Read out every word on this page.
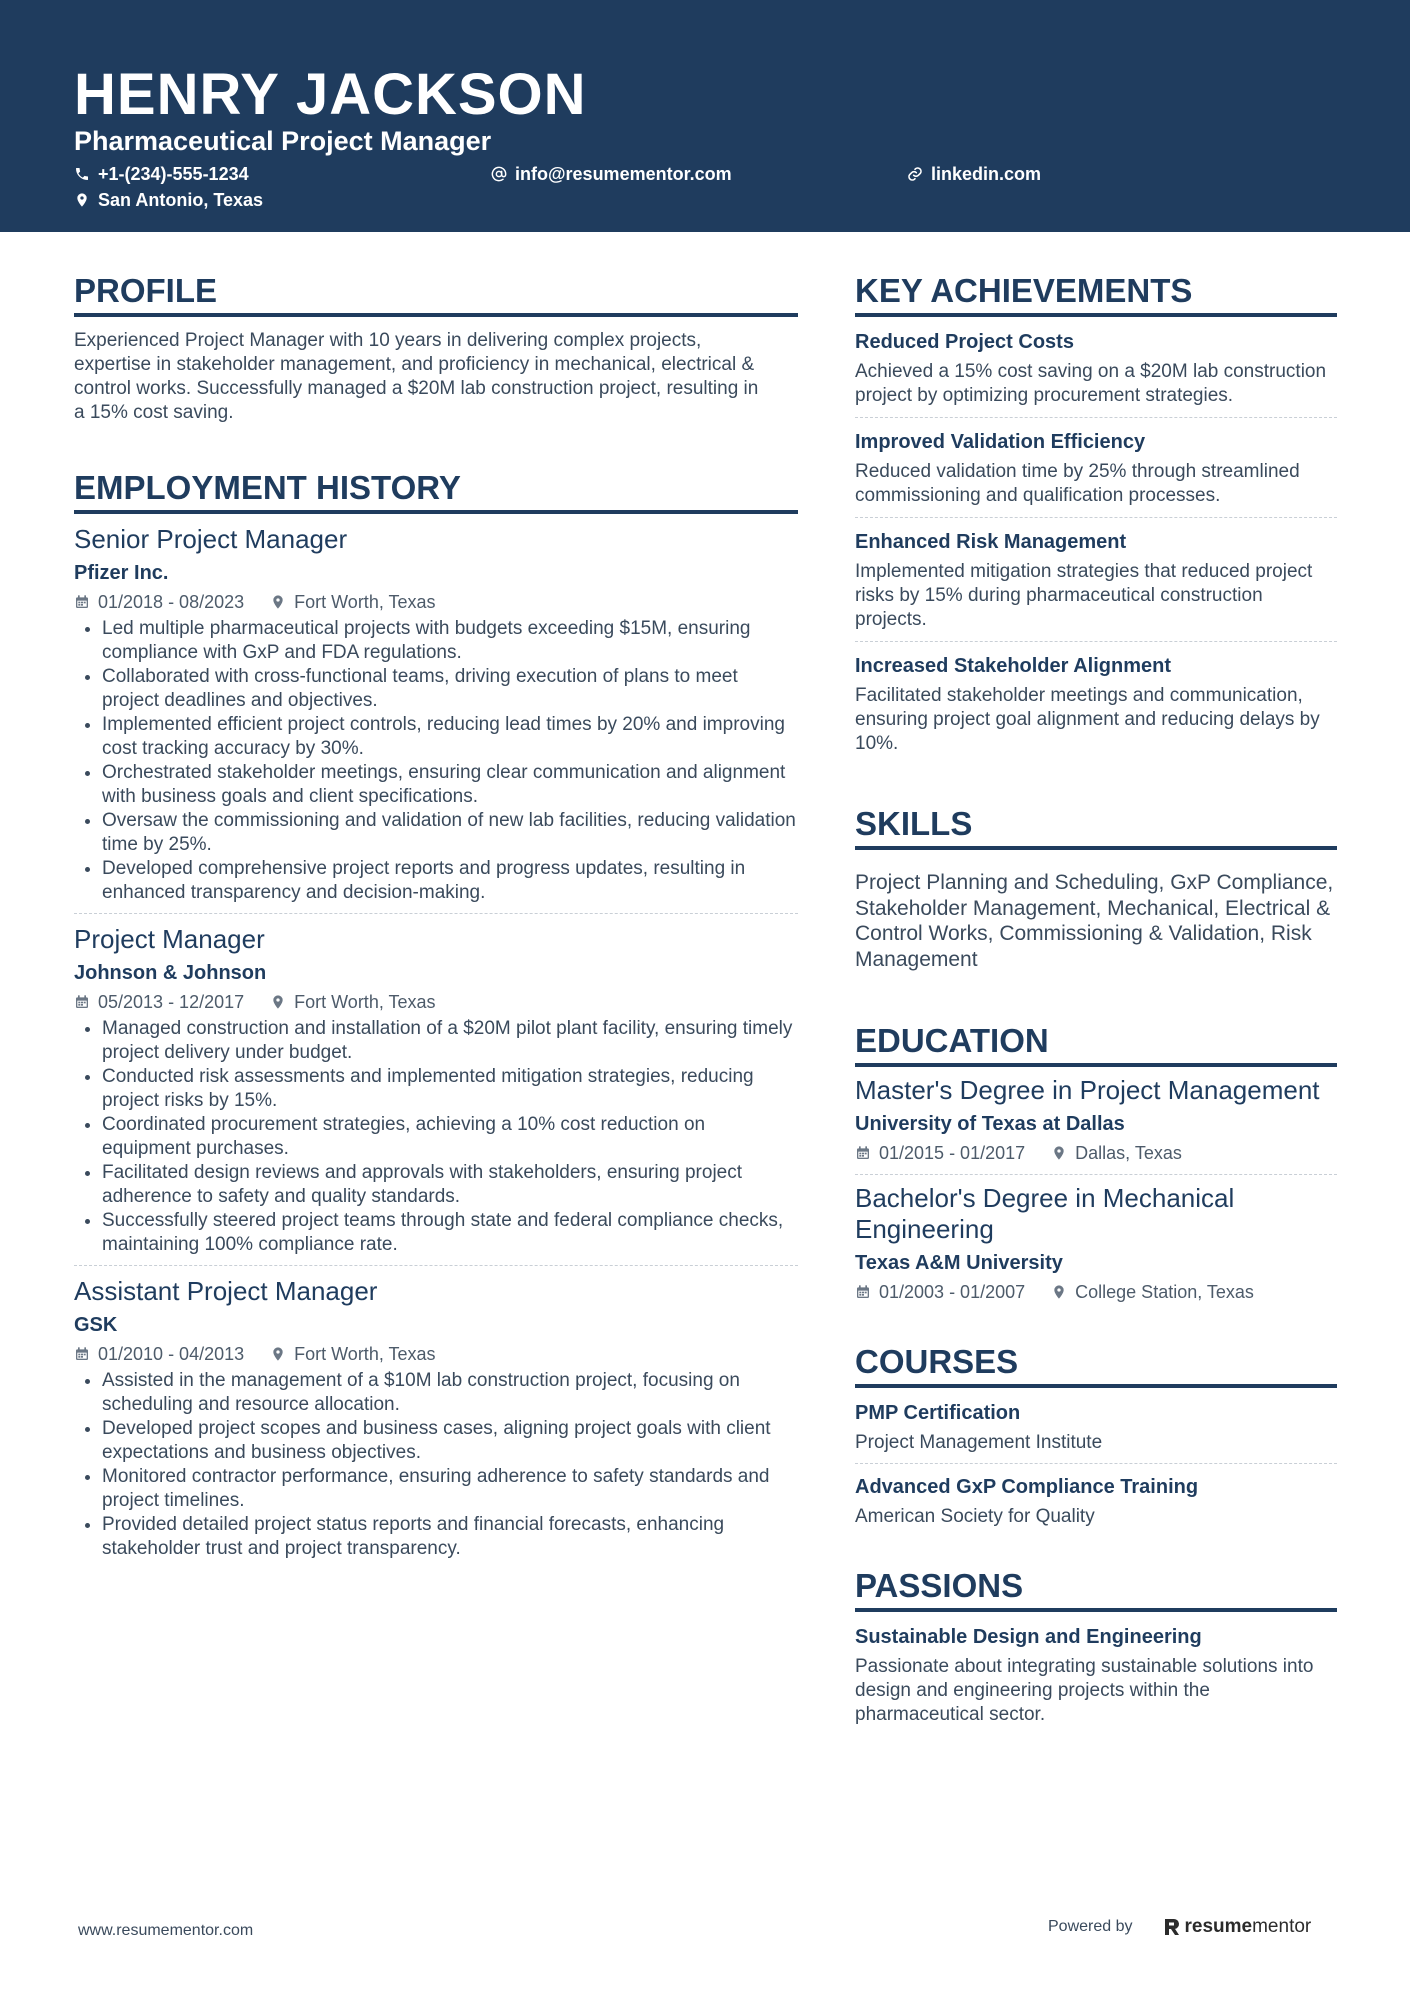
HENRY JACKSON
Pharmaceutical Project Manager
+1-(234)-555-1234	info@resumementor.com	linkedin.com
San Antonio, Texas
PROFILE

Experienced Project Manager with 10 years in delivering complex projects, expertise in stakeholder management, and proficiency in mechanical, electrical & control works. Successfully managed a $20M lab construction project, resulting in a 15% cost saving.

EMPLOYMENT HISTORY
Senior Project Manager
Pfizer Inc.
01/2018 - 08/2023	Fort Worth, Texas
• Led multiple pharmaceutical projects with budgets exceeding $15M, ensuring compliance with GxP and FDA regulations.
• Collaborated with cross-functional teams, driving execution of plans to meet project deadlines and objectives.
• Implemented efficient project controls, reducing lead times by 20% and improving cost tracking accuracy by 30%.
• Orchestrated stakeholder meetings, ensuring clear communication and alignment with business goals and client specifications.
• Oversaw the commissioning and validation of new lab facilities, reducing validation time by 25%.
• Developed comprehensive project reports and progress updates, resulting in enhanced transparency and decision-making.
Project Manager
Johnson & Johnson
05/2013 - 12/2017	Fort Worth, Texas
• Managed construction and installation of a $20M pilot plant facility, ensuring timely project delivery under budget.
• Conducted risk assessments and implemented mitigation strategies, reducing project risks by 15%.
• Coordinated procurement strategies, achieving a 10% cost reduction on equipment purchases.
• Facilitated design reviews and approvals with stakeholders, ensuring project adherence to safety and quality standards.
• Successfully steered project teams through state and federal compliance checks, maintaining 100% compliance rate.
Assistant Project Manager
GSK
01/2010 - 04/2013	Fort Worth, Texas
• Assisted in the management of a $10M lab construction project, focusing on scheduling and resource allocation.
• Developed project scopes and business cases, aligning project goals with client expectations and business objectives.
• Monitored contractor performance, ensuring adherence to safety standards and project timelines.
• Provided detailed project status reports and financial forecasts, enhancing stakeholder trust and project transparency.
KEY ACHIEVEMENTS
Reduced Project Costs

Achieved a 15% cost saving on a $20M lab construction project by optimizing procurement strategies.

Improved Validation Efficiency

Reduced validation time by 25% through streamlined commissioning and qualification processes.

Enhanced Risk Management

Implemented mitigation strategies that reduced project risks by 15% during pharmaceutical construction projects.

Increased Stakeholder Alignment

Facilitated stakeholder meetings and communication, ensuring project goal alignment and reducing delays by 10%.

SKILLS

Project Planning and Scheduling, GxP Compliance, Stakeholder Management, Mechanical, Electrical & Control Works, Commissioning & Validation, Risk Management

EDUCATION
Master's Degree in Project Management
University of Texas at Dallas
01/2015 - 01/2017	Dallas, Texas
Bachelor's Degree in Mechanical Engineering
Texas A&M University
01/2003 - 01/2007	College Station, Texas
COURSES
PMP Certification

Project Management Institute

Advanced GxP Compliance Training

American Society for Quality

PASSIONS
Sustainable Design and Engineering

Passionate about integrating sustainable solutions into design and engineering projects within the pharmaceutical sector.

www.resumementor.com	Powered by	resumementor
